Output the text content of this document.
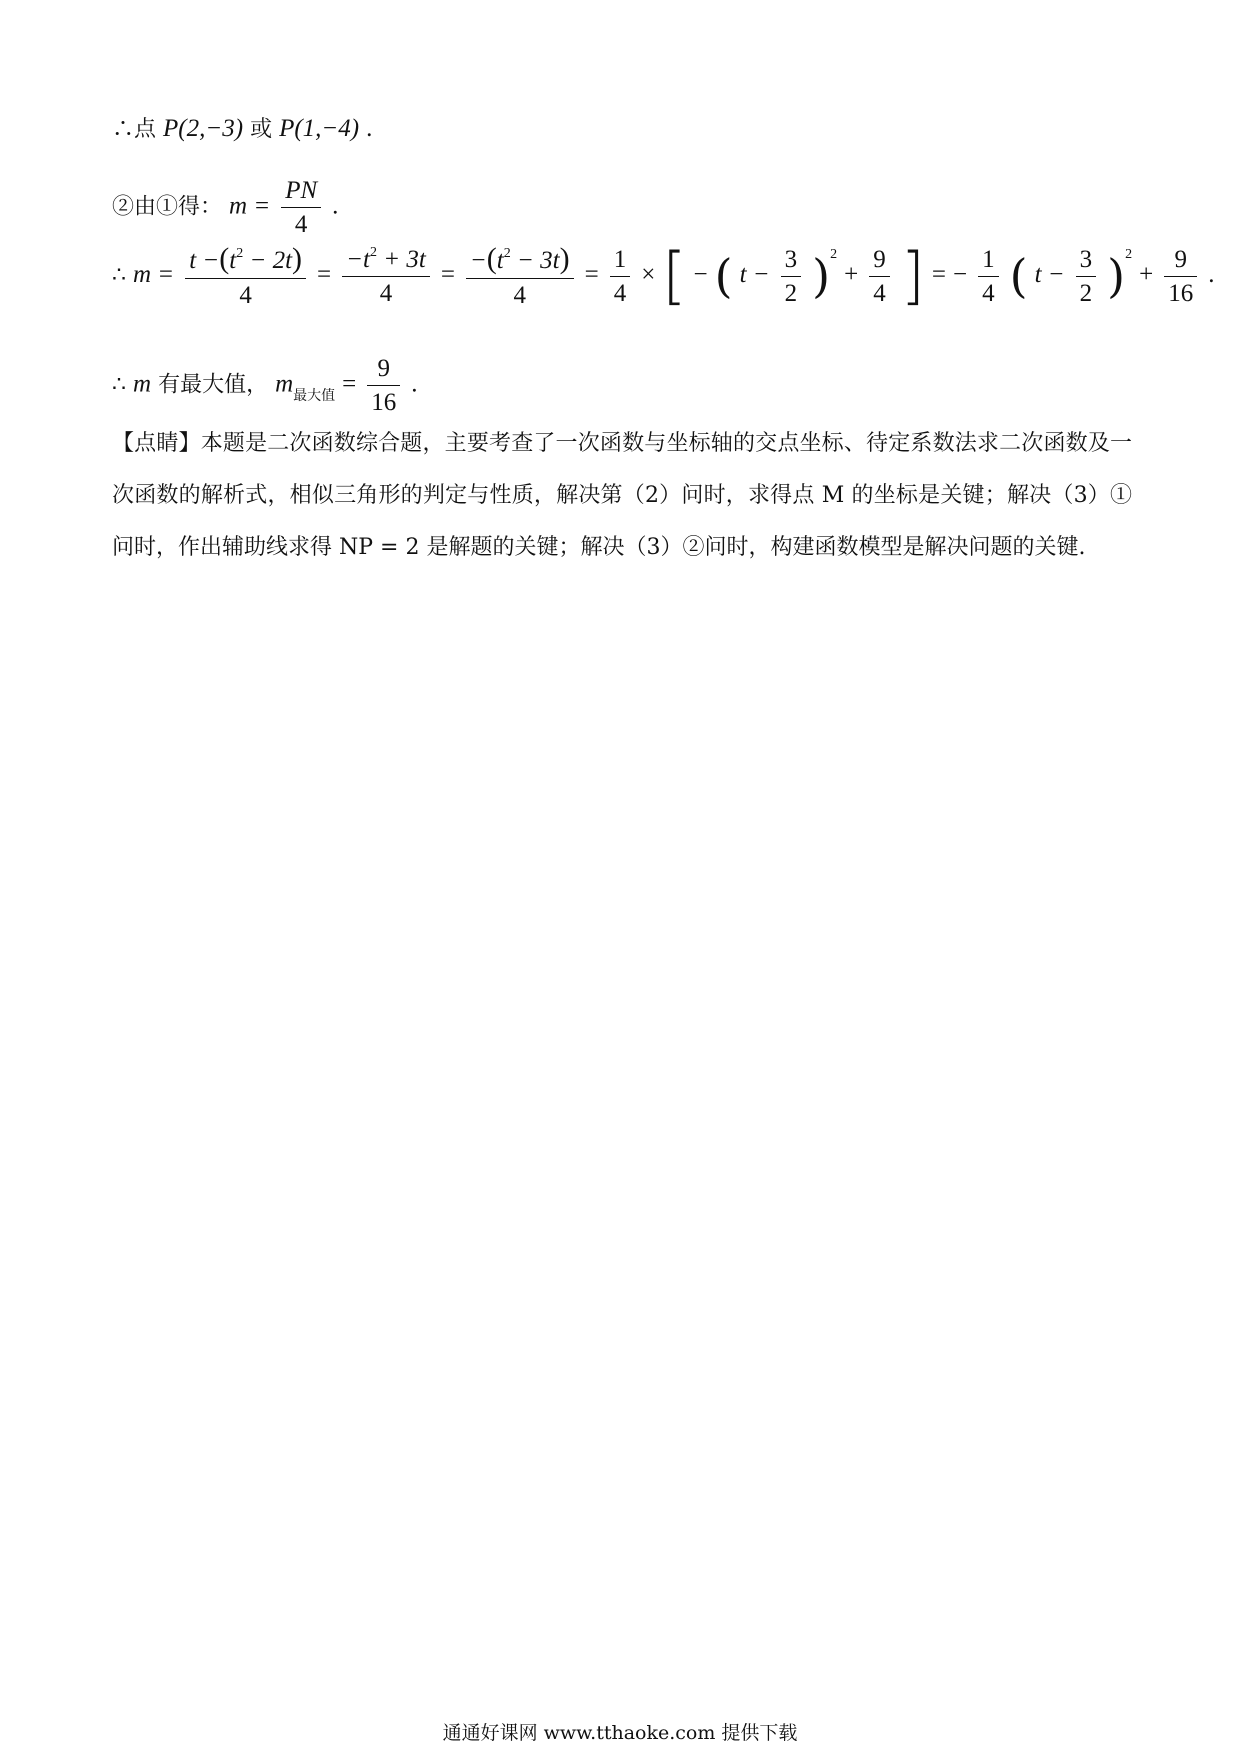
∴点 P(2,−3) 或 P(1,−4) .
②由①得： $m = \frac{PN}{4}$ .
∴ $m = \frac{t -(t^2 - 2t)}{4} = \frac{-t^2 + 3t}{4} = \frac{-(t^2 - 3t)}{4} = \frac{1}{4}$ × [ − ( $t - \frac{3}{2} )^2 + \frac{9}{4}$ ] = − $\frac{1}{4}$ ( $t - \frac{3}{2} )^2 + \frac{9}{16}$ .
∴ m 有最大值， $m_{最大值} = \frac{9}{16}$ .
【点睛】本题是二次函数综合题，主要考查了一次函数与坐标轴的交点坐标、待定系数法求二次函数及一次函数的解析式，相似三角形的判定与性质，解决第（2）问时，求得点 M 的坐标是关键；解决（3）①问时，作出辅助线求得 NP = 2 是解题的关键；解决（3）②问时，构建函数模型是解决问题的关键.
通通好课网 www.tthaoke.com 提供下载
